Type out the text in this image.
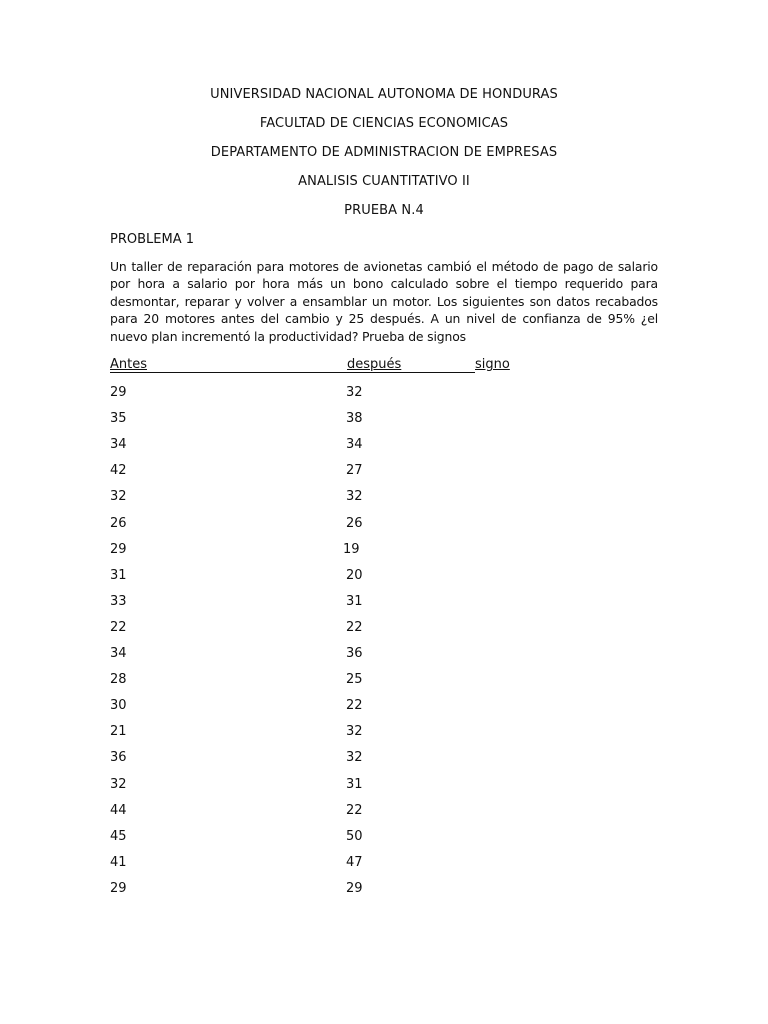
UNIVERSIDAD NACIONAL AUTONOMA DE HONDURAS
FACULTAD DE CIENCIAS ECONOMICAS
DEPARTAMENTO DE ADMINISTRACION DE EMPRESAS
ANALISIS CUANTITATIVO II
PRUEBA N.4
PROBLEMA 1
Un taller de reparación para motores de avionetas cambió el método de pago de salario por hora a salario por hora más un bono calculado sobre el tiempo requerido para desmontar, reparar y volver a ensamblar un motor. Los siguientes son datos recabados para 20 motores antes del cambio y 25 después. A un nivel de confianza de 95% ¿el nuevo plan incrementó la productividad? Prueba de signos
Antes	después	signo
29	32
35	38
34	34
42	27
32	32
26	26
29	19
31	20
33	31
22	22
34	36
28	25
30	22
21	32
36	32
32	31
44	22
45	50
41	47
29	29
